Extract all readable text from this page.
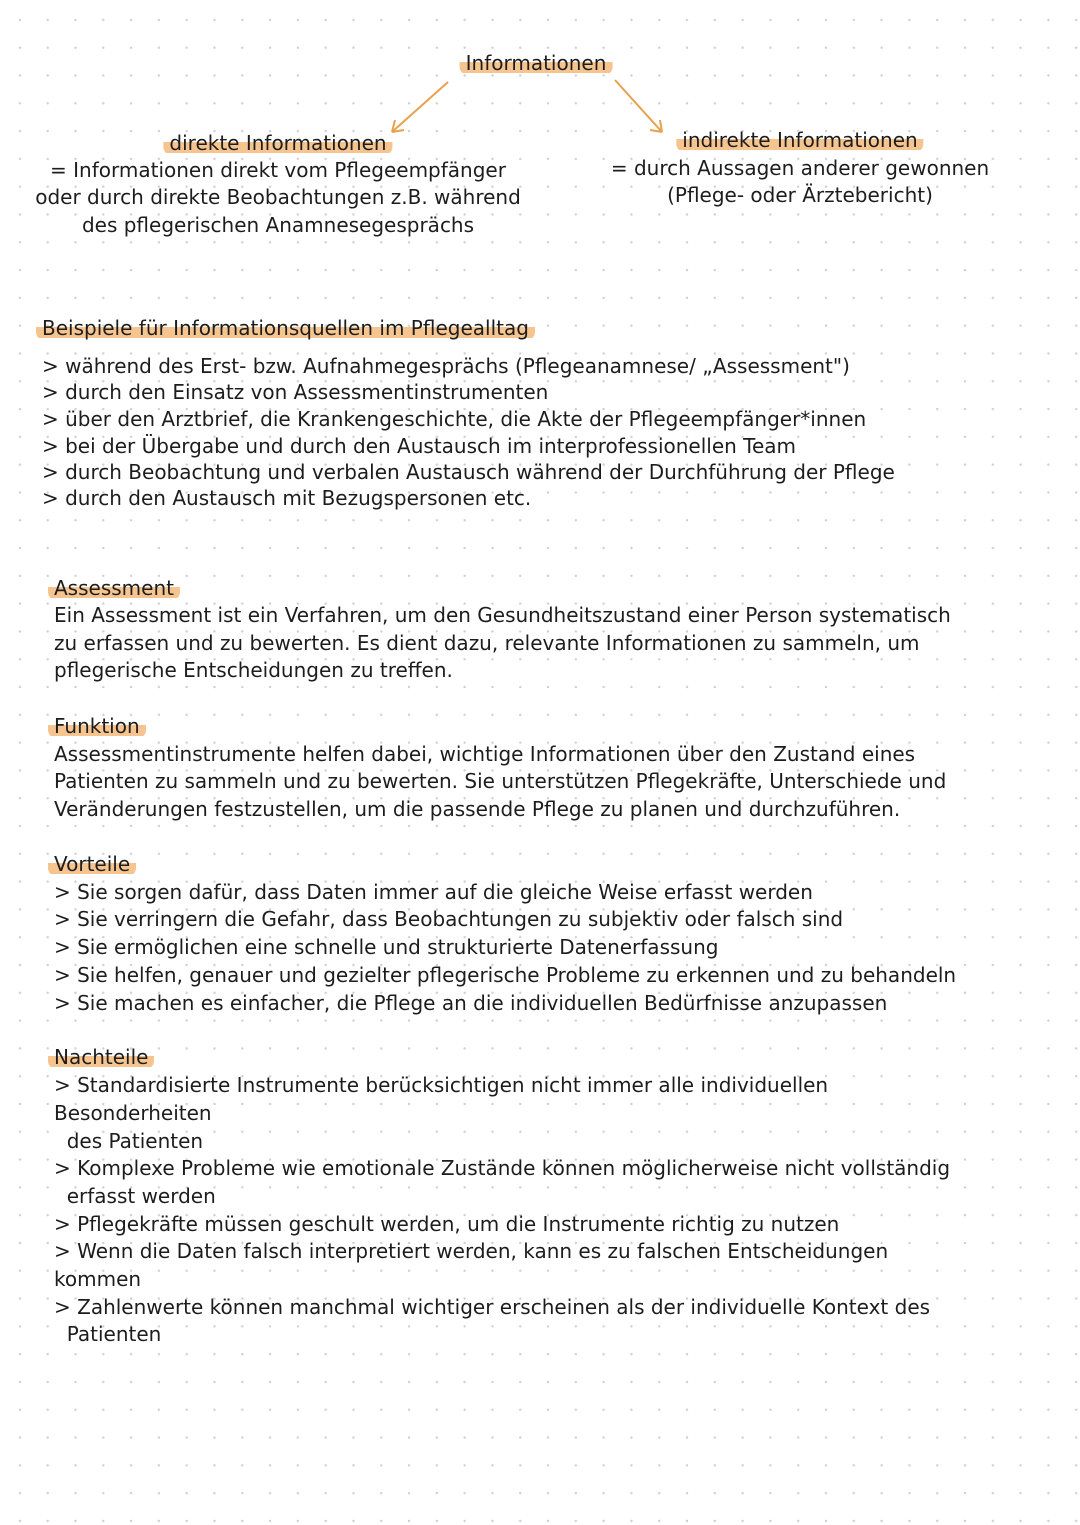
Informationen
direkte Informationen
= Informationen direkt vom Pflegeempfänger
oder durch direkte Beobachtungen z.B. während
des pflegerischen Anamnesegesprächs
indirekte Informationen
= durch Aussagen anderer gewonnen
(Pflege- oder Ärztebericht)
Beispiele für Informationsquellen im Pflegealltag
> während des Erst- bzw. Aufnahmegesprächs (Pflegeanamnese/ „Assessment")
> durch den Einsatz von Assessmentinstrumenten
> über den Arztbrief, die Krankengeschichte, die Akte der Pflegeempfänger*innen
> bei der Übergabe und durch den Austausch im interprofessionellen Team
> durch Beobachtung und verbalen Austausch während der Durchführung der Pflege
> durch den Austausch mit Bezugspersonen etc.
Assessment
Ein Assessment ist ein Verfahren, um den Gesundheitszustand einer Person systematisch
zu erfassen und zu bewerten. Es dient dazu, relevante Informationen zu sammeln, um
pflegerische Entscheidungen zu treffen.
Funktion
Assessmentinstrumente helfen dabei, wichtige Informationen über den Zustand eines
Patienten zu sammeln und zu bewerten. Sie unterstützen Pflegekräfte, Unterschiede und
Veränderungen festzustellen, um die passende Pflege zu planen und durchzuführen.
Vorteile
> Sie sorgen dafür, dass Daten immer auf die gleiche Weise erfasst werden
> Sie verringern die Gefahr, dass Beobachtungen zu subjektiv oder falsch sind
> Sie ermöglichen eine schnelle und strukturierte Datenerfassung
> Sie helfen, genauer und gezielter pflegerische Probleme zu erkennen und zu behandeln
> Sie machen es einfacher, die Pflege an die individuellen Bedürfnisse anzupassen
Nachteile
> Standardisierte Instrumente berücksichtigen nicht immer alle individuellen
Besonderheiten
des Patienten
> Komplexe Probleme wie emotionale Zustände können möglicherweise nicht vollständig
erfasst werden
> Pflegekräfte müssen geschult werden, um die Instrumente richtig zu nutzen
> Wenn die Daten falsch interpretiert werden, kann es zu falschen Entscheidungen
kommen
> Zahlenwerte können manchmal wichtiger erscheinen als der individuelle Kontext des
Patienten
